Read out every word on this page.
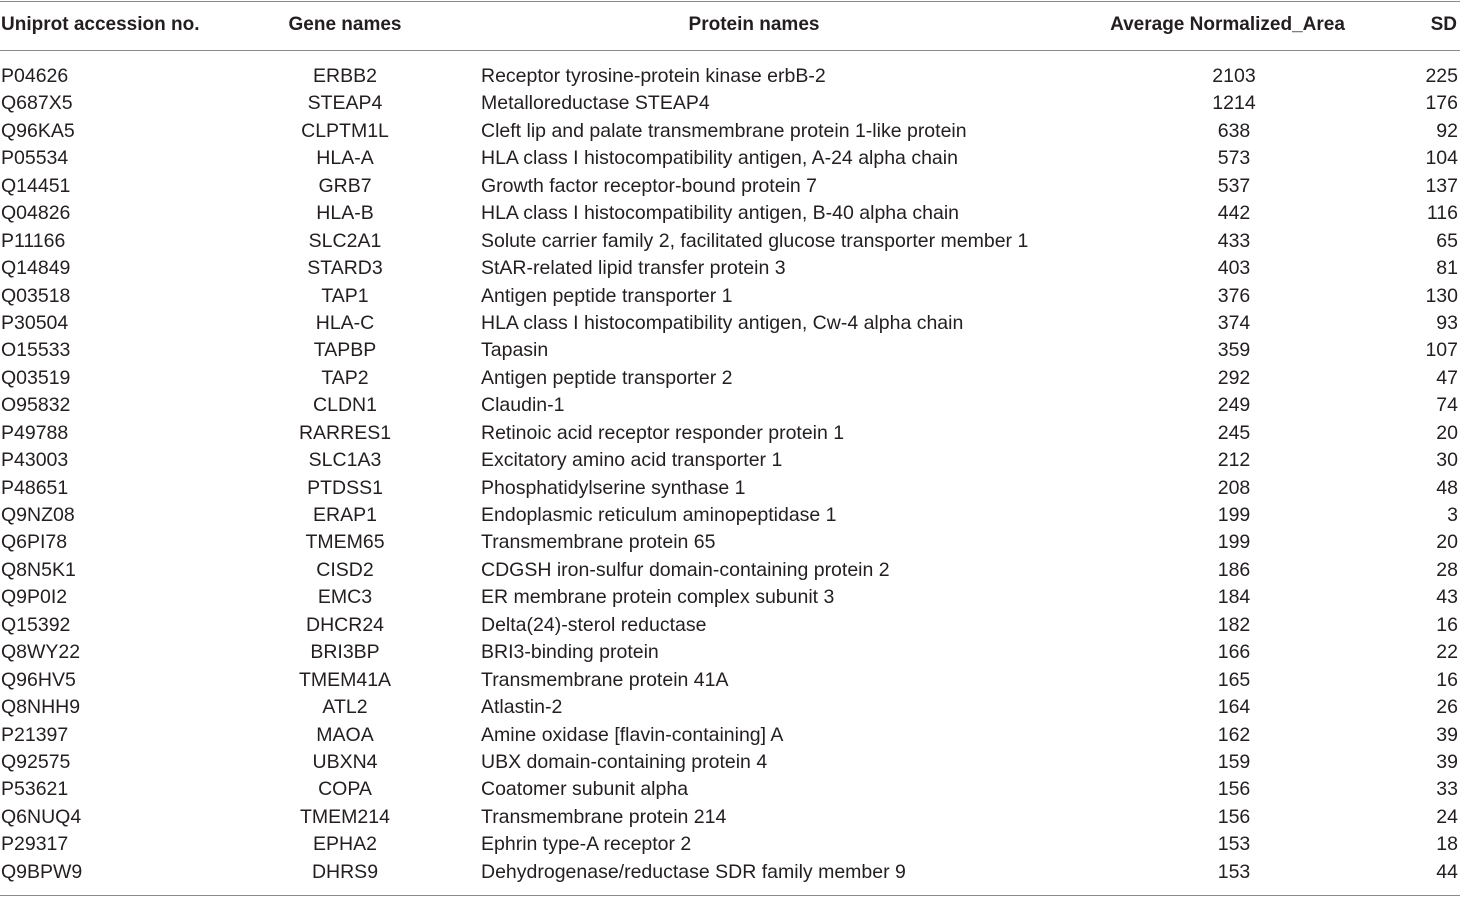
Uniprot accession no.	Gene names	Protein names	Average Normalized_Area	SD
P04626	ERBB2	Receptor tyrosine-protein kinase erbB-2	2103	225
Q687X5	STEAP4	Metalloreductase STEAP4	1214	176
Q96KA5	CLPTM1L	Cleft lip and palate transmembrane protein 1-like protein	638	92
P05534	HLA-A	HLA class I histocompatibility antigen, A-24 alpha chain	573	104
Q14451	GRB7	Growth factor receptor-bound protein 7	537	137
Q04826	HLA-B	HLA class I histocompatibility antigen, B-40 alpha chain	442	116
P11166	SLC2A1	Solute carrier family 2, facilitated glucose transporter member 1	433	65
Q14849	STARD3	StAR-related lipid transfer protein 3	403	81
Q03518	TAP1	Antigen peptide transporter 1	376	130
P30504	HLA-C	HLA class I histocompatibility antigen, Cw-4 alpha chain	374	93
O15533	TAPBP	Tapasin	359	107
Q03519	TAP2	Antigen peptide transporter 2	292	47
O95832	CLDN1	Claudin-1	249	74
P49788	RARRES1	Retinoic acid receptor responder protein 1	245	20
P43003	SLC1A3	Excitatory amino acid transporter 1	212	30
P48651	PTDSS1	Phosphatidylserine synthase 1	208	48
Q9NZ08	ERAP1	Endoplasmic reticulum aminopeptidase 1	199	3
Q6PI78	TMEM65	Transmembrane protein 65	199	20
Q8N5K1	CISD2	CDGSH iron-sulfur domain-containing protein 2	186	28
Q9P0I2	EMC3	ER membrane protein complex subunit 3	184	43
Q15392	DHCR24	Delta(24)-sterol reductase	182	16
Q8WY22	BRI3BP	BRI3-binding protein	166	22
Q96HV5	TMEM41A	Transmembrane protein 41A	165	16
Q8NHH9	ATL2	Atlastin-2	164	26
P21397	MAOA	Amine oxidase [flavin-containing] A	162	39
Q92575	UBXN4	UBX domain-containing protein 4	159	39
P53621	COPA	Coatomer subunit alpha	156	33
Q6NUQ4	TMEM214	Transmembrane protein 214	156	24
P29317	EPHA2	Ephrin type-A receptor 2	153	18
Q9BPW9	DHRS9	Dehydrogenase/reductase SDR family member 9	153	44
